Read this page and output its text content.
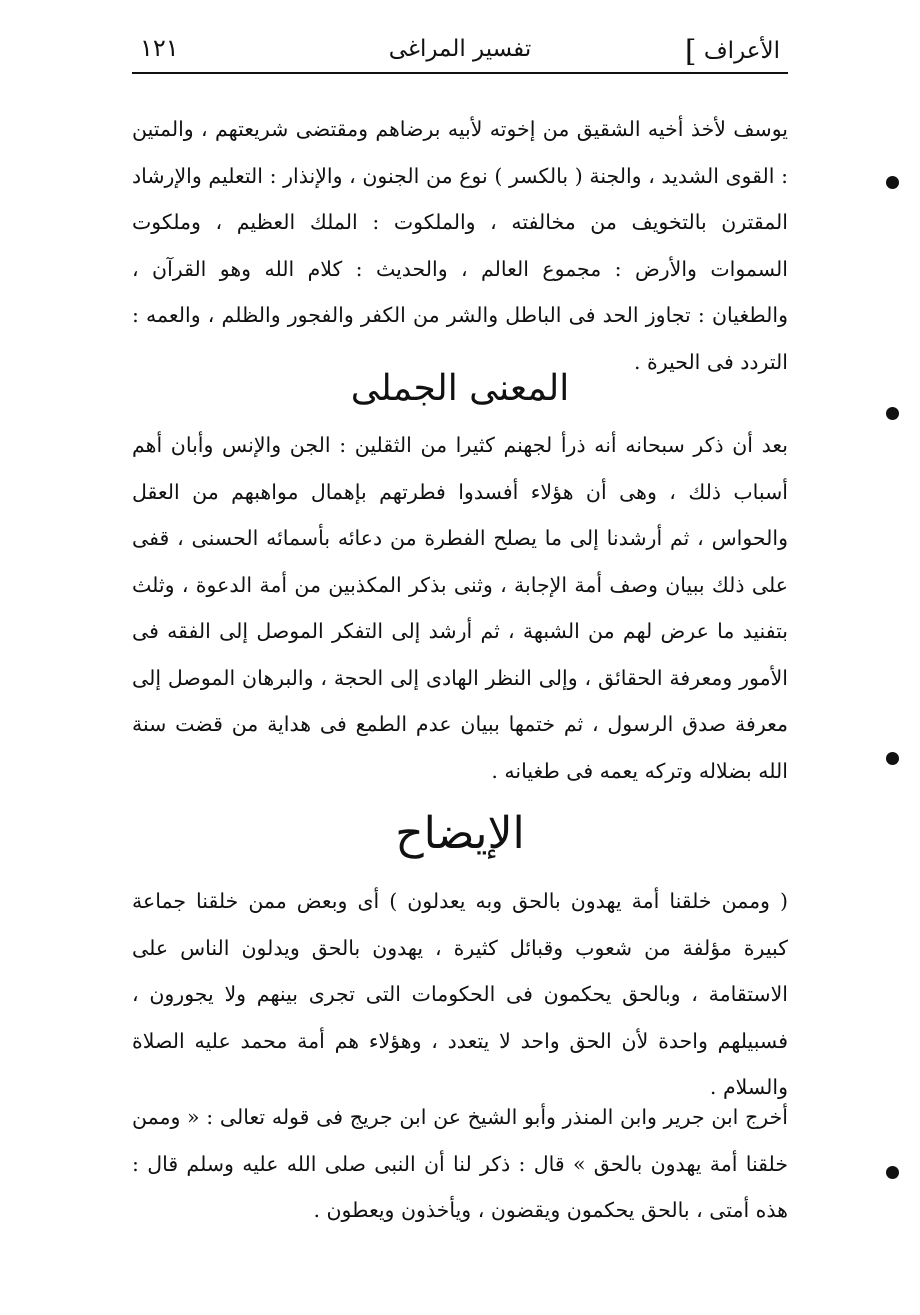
الأعراف ]
تفسير المراغى
١٢١

يوسف لأخذ أخيه الشقيق من إخوته لأبيه برضاهم ومقتضى شريعتهم ، والمتين : القوى الشديد ، والجنة ( بالكسر ) نوع من الجنون ، والإنذار : التعليم والإرشاد المقترن بالتخويف من مخالفته ، والملكوت : الملك العظيم ، وملكوت السموات والأرض : مجموع العالم ، والحديث : كلام الله وهو القرآن ، والطغيان : تجاوز الحد فى الباطل والشر من الكفر والفجور والظلم ، والعمه : التردد فى الحيرة .

المعنى الجملى

بعد أن ذكر سبحانه أنه ذرأ لجهنم كثيرا من الثقلين : الجن والإنس وأبان أهم أسباب ذلك ، وهى أن هؤلاء أفسدوا فطرتهم بإهمال مواهبهم من العقل والحواس ، ثم أرشدنا إلى ما يصلح الفطرة من دعائه بأسمائه الحسنى ، قفى على ذلك ببيان وصف أمة الإجابة ، وثنى بذكر المكذبين من أمة الدعوة ، وثلث بتفنيد ما عرض لهم من الشبهة ، ثم أرشد إلى التفكر الموصل إلى الفقه فى الأمور ومعرفة الحقائق ، وإلى النظر الهادى إلى الحجة ، والبرهان الموصل إلى معرفة صدق الرسول ، ثم ختمها ببيان عدم الطمع فى هداية من قضت سنة الله بضلاله وتركه يعمه فى طغيانه .

الإيضاح

( وممن خلقنا أمة يهدون بالحق وبه يعدلون ) أى وبعض ممن خلقنا جماعة كبيرة مؤلفة من شعوب وقبائل كثيرة ، يهدون بالحق ويدلون الناس على الاستقامة ، وبالحق يحكمون فى الحكومات التى تجرى بينهم ولا يجورون ، فسبيلهم واحدة لأن الحق واحد لا يتعدد ، وهؤلاء هم أمة محمد عليه الصلاة والسلام .

أخرج ابن جرير وابن المنذر وأبو الشيخ عن ابن جريج فى قوله تعالى : « وممن خلقنا أمة يهدون بالحق » قال : ذكر لنا أن النبى صلى الله عليه وسلم قال : هذه أمتى ، بالحق يحكمون ويقضون ، ويأخذون ويعطون .
